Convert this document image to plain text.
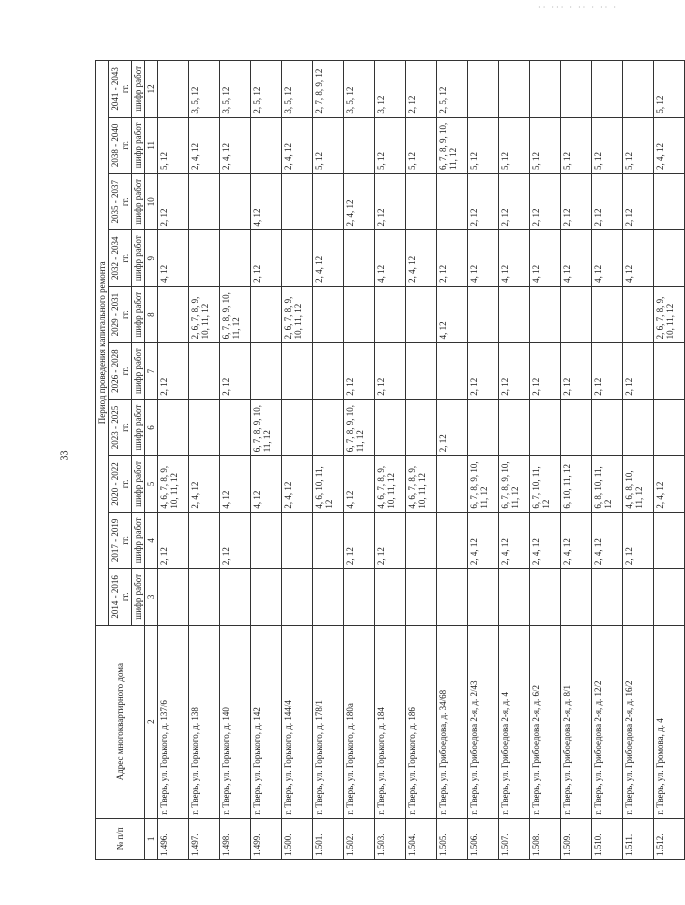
·· ··· · ·· · ·· ·
33
№ п/п	Адрес многоквартирного дома	Период проведения капитального ремонта									
		2014 - 2016 гг.	2017 - 2019 гг.	2020 - 2022 гг.	2023 - 2025 гг.	2026 - 2028 гг.	2029 - 2031 гг.	2032 - 2034 гг.	2035 - 2037 гг.	2038 - 2040 гг.	2041 - 2043 гг.
		шифр работ	шифр работ	шифр работ	шифр работ	шифр работ	шифр работ	шифр работ	шифр работ	шифр работ	шифр работ
1	2	3	4	5	6	7	8	9	10	11	12
1.496.	г. Тверь, ул. Горького, д. 137/6		2, 12	4, 6, 7, 8, 9, 10, 11, 12		2, 12		4, 12	2, 12	5, 12	
1.497.	г. Тверь, ул. Горького, д. 138			2, 4, 12			2, 6, 7, 8, 9, 10, 11, 12			2, 4, 12	3, 5, 12
1.498.	г. Тверь, ул. Горького, д. 140		2, 12	4, 12		2, 12	6, 7, 8, 9, 10, 11, 12			2, 4, 12	3, 5, 12
1.499.	г. Тверь, ул. Горького, д. 142			4, 12	6, 7, 8, 9, 10, 11, 12			2, 12	4, 12		2, 5, 12
1.500.	г. Тверь, ул. Горького, д. 144/4			2, 4, 12			2, 6, 7, 8, 9, 10, 11, 12			2, 4, 12	3, 5, 12
1.501.	г. Тверь, ул. Горького, д. 178/1			4, 6, 10, 11, 12				2, 4, 12		5, 12	2, 7, 8, 9, 12
1.502.	г. Тверь, ул. Горького, д. 180а		2, 12	4, 12	6, 7, 8, 9, 10, 11, 12	2, 12			2, 4, 12		3, 5, 12
1.503.	г. Тверь, ул. Горького, д. 184		2, 12	4, 6, 7, 8, 9, 10, 11, 12		2, 12		4, 12	2, 12	5, 12	3, 12
1.504.	г. Тверь, ул. Горького, д. 186			4, 6, 7, 8, 9, 10, 11, 12				2, 4, 12		5, 12	2, 12
1.505.	г. Тверь, ул. Грибоедова, д. 34/68				2, 12		4, 12	2, 12		6, 7, 8, 9, 10, 11, 12	2, 5, 12
1.506.	г. Тверь, ул. Грибоедова 2-я, д. 2/43		2, 4, 12	6, 7, 8, 9, 10, 11, 12		2, 12		4, 12	2, 12	5, 12	
1.507.	г. Тверь, ул. Грибоедова 2-я, д. 4		2, 4, 12	6, 7, 8, 9, 10, 11, 12		2, 12		4, 12	2, 12	5, 12	
1.508.	г. Тверь, ул. Грибоедова 2-я, д. 6/2		2, 4, 12	6, 7, 10, 11, 12		2, 12		4, 12	2, 12	5, 12	
1.509.	г. Тверь, ул. Грибоедова 2-я, д. 8/1		2, 4, 12	6, 10, 11, 12		2, 12		4, 12	2, 12	5, 12	
1.510.	г. Тверь, ул. Грибоедова 2-я, д. 12/2		2, 4, 12	6, 8, 10, 11, 12		2, 12		4, 12	2, 12	5, 12	
1.511.	г. Тверь, ул. Грибоедова 2-я, д. 16/2		2, 12	4, 6, 8, 10, 11, 12		2, 12		4, 12	2, 12	5, 12	
1.512.	г. Тверь, ул. Громова, д. 4			2, 4, 12			2, 6, 7, 8, 9, 10, 11, 12			2, 4, 12	5, 12
